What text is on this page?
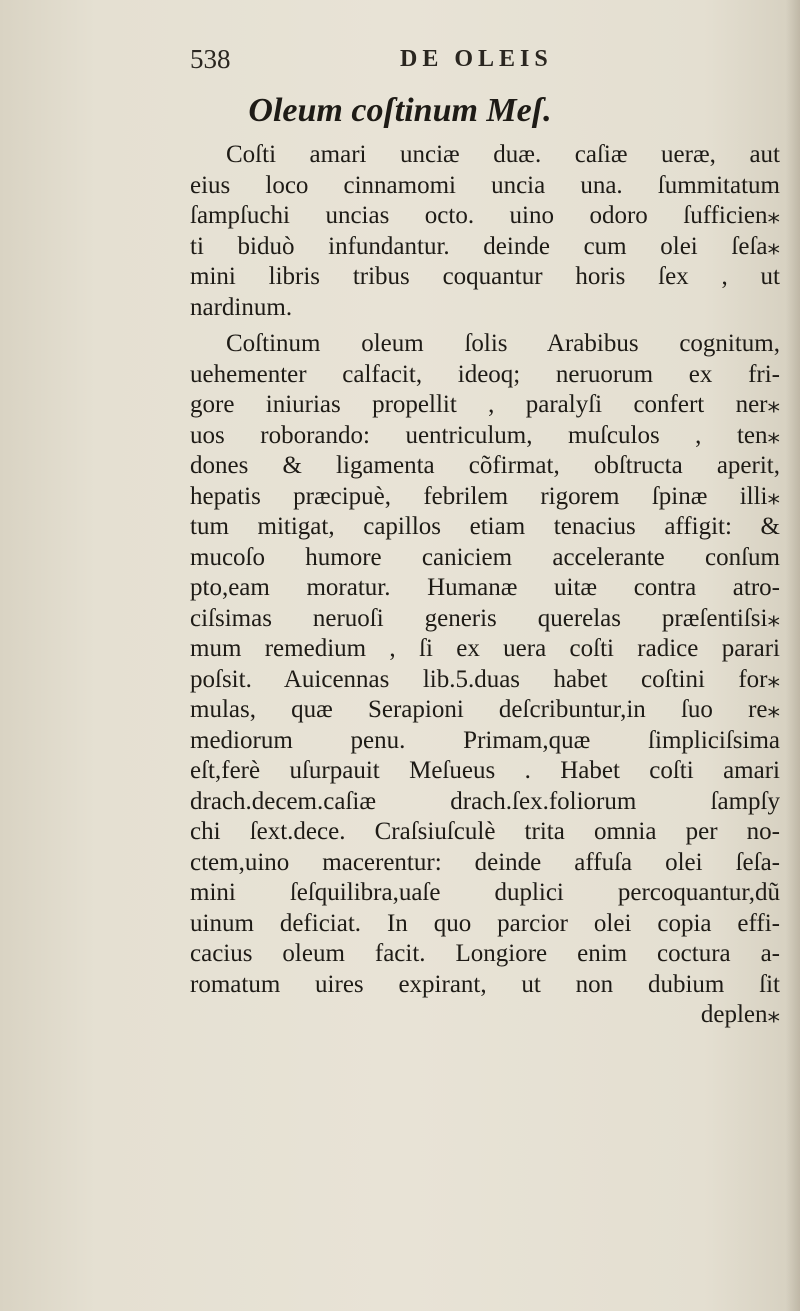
538	DE OLEIS
Oleum coſtinum Meſ.
Coſti amari unciæ duæ. caſiæ ueræ, aut
eius loco cinnamomi uncia una. ſummitatum
ſampſuchi uncias octo. uino odoro ſufficien⁎
ti biduò infundantur. deinde cum olei ſeſa⁎
mini libris tribus coquantur horis ſex , ut
nardinum.
Coſtinum oleum ſolis Arabibus cognitum,
uehementer calfacit, ideoq; neruorum ex fri-
gore iniurias propellit , paralyſi confert ner⁎
uos roborando: uentriculum, muſculos , ten⁎
dones & ligamenta cõfirmat, obſtructa aperit,
hepatis præcipuè, febrilem rigorem ſpinæ illi⁎
tum mitigat, capillos etiam tenacius affigit: &
mucoſo humore caniciem accelerante conſum
pto,eam moratur. Humanæ uitæ contra atro-
ciſsimas neruoſi generis querelas præſentiſsi⁎
mum remedium , ſi ex uera coſti radice parari
poſsit. Auicennas lib.5.duas habet coſtini for⁎
mulas, quæ Serapioni deſcribuntur,in ſuo re⁎
mediorum penu. Primam,quæ ſimpliciſsima
eſt,ferè uſurpauit Meſueus . Habet coſti amari
drach.decem.caſiæ drach.ſex.foliorum ſampſy
chi ſext.dece. Craſsiuſculè trita omnia per no-
ctem,uino macerentur: deinde affuſa olei ſeſa-
mini ſeſquilibra,uaſe duplici percoquantur,dũ
uinum deficiat. In quo parcior olei copia effi-
cacius oleum facit. Longiore enim coctura a-
romatum uires expirant, ut non dubium ſit
deplen⁎
